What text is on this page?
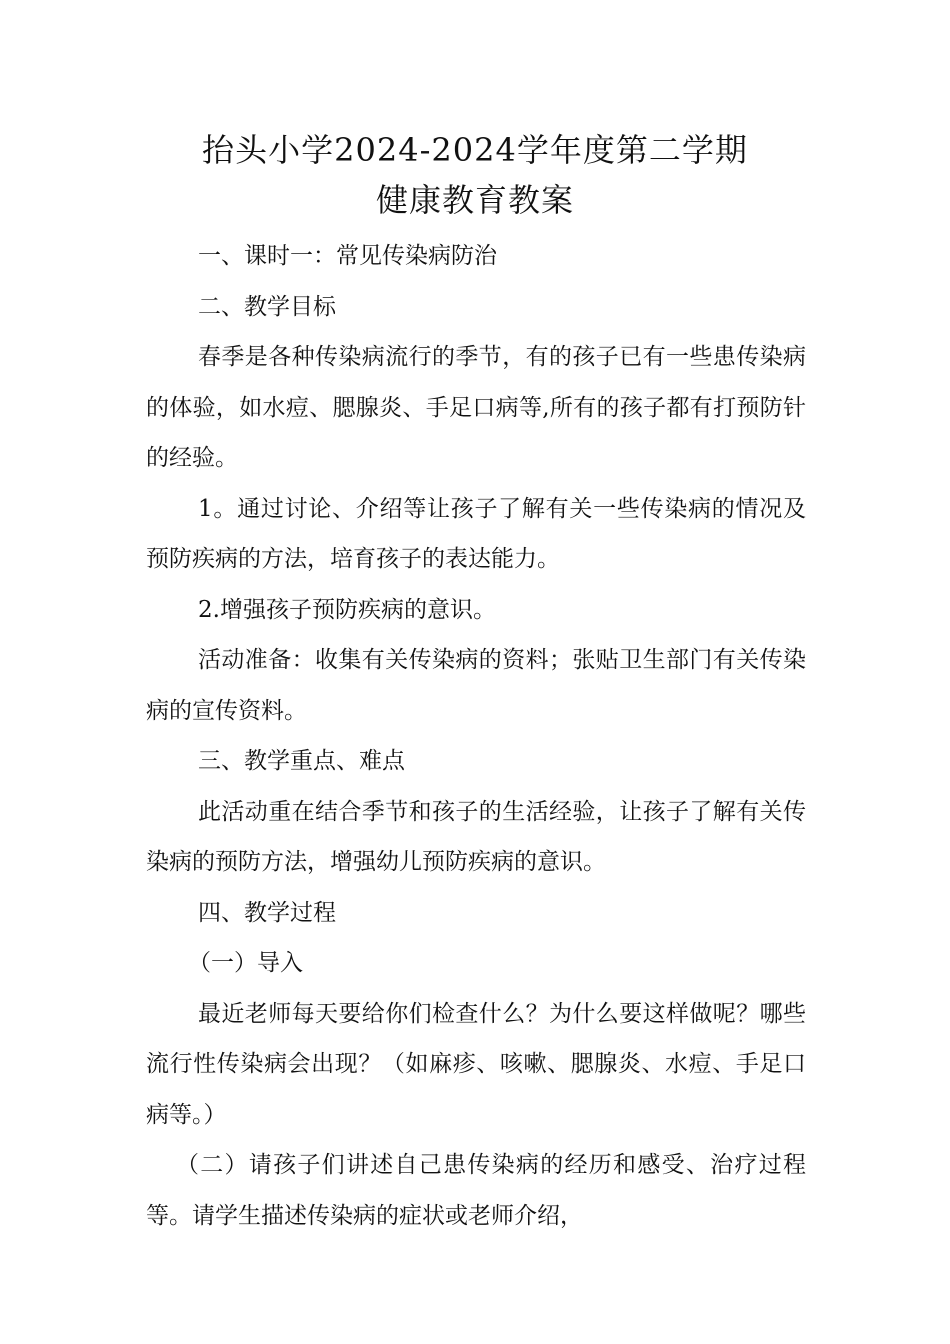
抬头小学2024-2024学年度第二学期
健康教育教案

一、课时一：常见传染病防治

二、教学目标

春季是各种传染病流行的季节，有的孩子已有一些患传染病的体验，如水痘、腮腺炎、手足口病等,所有的孩子都有打预防针的经验。

1。通过讨论、介绍等让孩子了解有关一些传染病的情况及预防疾病的方法，培育孩子的表达能力。

2.增强孩子预防疾病的意识。

活动准备：收集有关传染病的资料；张贴卫生部门有关传染病的宣传资料。

三、教学重点、难点

此活动重在结合季节和孩子的生活经验，让孩子了解有关传染病的预防方法，增强幼儿预防疾病的意识。

四、教学过程

（一）导入

最近老师每天要给你们检查什么？为什么要这样做呢？哪些流行性传染病会出现？（如麻疹、咳嗽、腮腺炎、水痘、手足口病等。）

（二）请孩子们讲述自己患传染病的经历和感受、治疗过程等。请学生描述传染病的症状或老师介绍，
